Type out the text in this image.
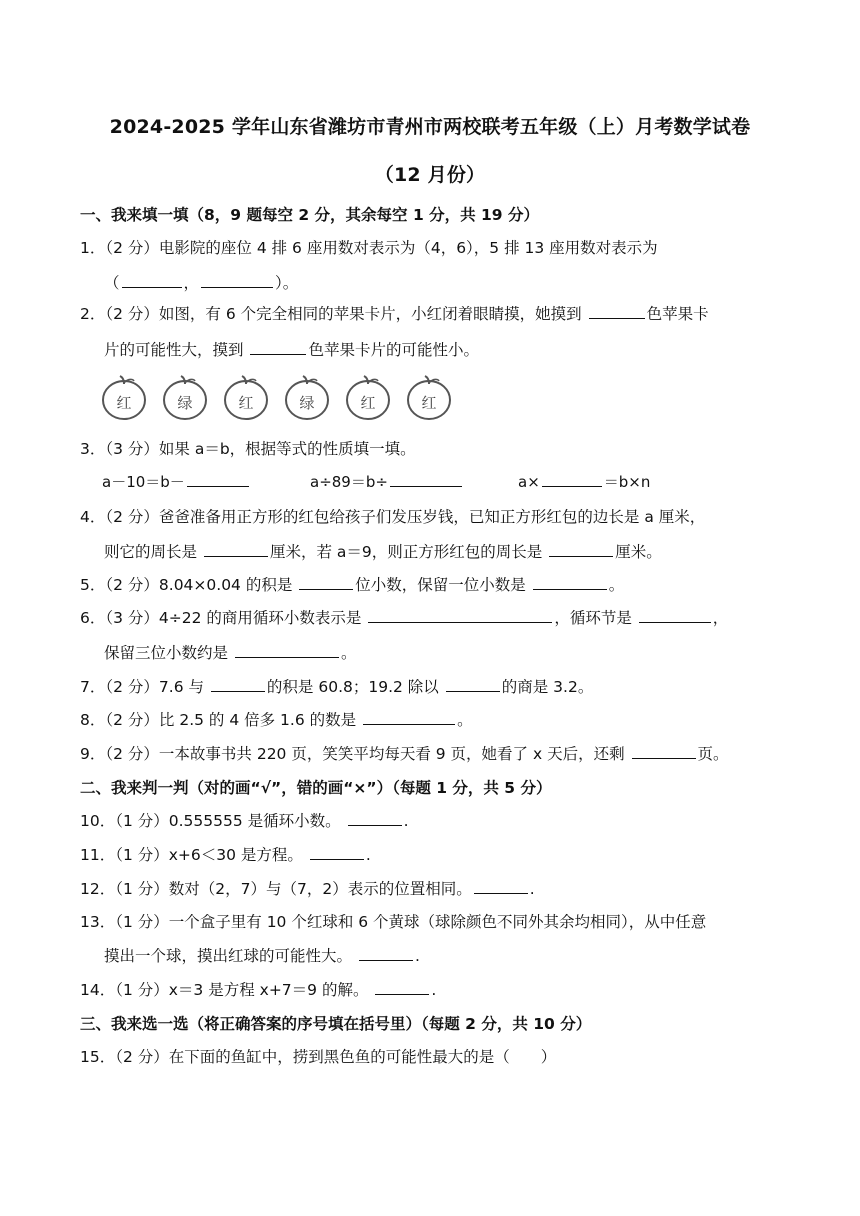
2024-2025 学年山东省潍坊市青州市两校联考五年级（上）月考数学试卷
（12 月份）
一、我来填一填（8，9 题每空 2 分，其余每空 1 分，共 19 分）
1．（2 分）电影院的座位 4 排 6 座用数对表示为（4，6），5 排 13 座用数对表示为
（	，	）。
2．（2 分）如图，有 6 个完全相同的苹果卡片，小红闭着眼睛摸，她摸到	色苹果卡
片的可能性大，摸到	色苹果卡片的可能性小。
红	绿	红	绿	红	红
3．（3 分）如果 a＝b，根据等式的性质填一填。
a－10＝b－	a÷89＝b÷	a×	＝b×n
4．（2 分）爸爸准备用正方形的红包给孩子们发压岁钱，已知正方形红包的边长是 a 厘米，
则它的周长是	厘米，若 a＝9，则正方形红包的周长是	厘米。
5．（2 分）8.04×0.04 的积是	位小数，保留一位小数是	。
6．（3 分）4÷22 的商用循环小数表示是	，循环节是	，
保留三位小数约是	。
7．（2 分）7.6 与	的积是 60.8；19.2 除以	的商是 3.2。
8．（2 分）比 2.5 的 4 倍多 1.6 的数是	。
9．（2 分）一本故事书共 220 页，笑笑平均每天看 9 页，她看了 x 天后，还剩	页。
二、我来判一判（对的画“√”，错的画“×”）（每题 1 分，共 5 分）
10．（1 分）0.555555 是循环小数。	.
11．（1 分）x+6＜30 是方程。	.
12．（1 分）数对（2，7）与（7，2）表示的位置相同。	.
13．（1 分）一个盒子里有 10 个红球和 6 个黄球（球除颜色不同外其余均相同），从中任意
摸出一个球，摸出红球的可能性大。	.
14．（1 分）x＝3 是方程 x+7＝9 的解。	.
三、我来选一选（将正确答案的序号填在括号里）（每题 2 分，共 10 分）
15．（2 分）在下面的鱼缸中，捞到黑色鱼的可能性最大的是（　　）
